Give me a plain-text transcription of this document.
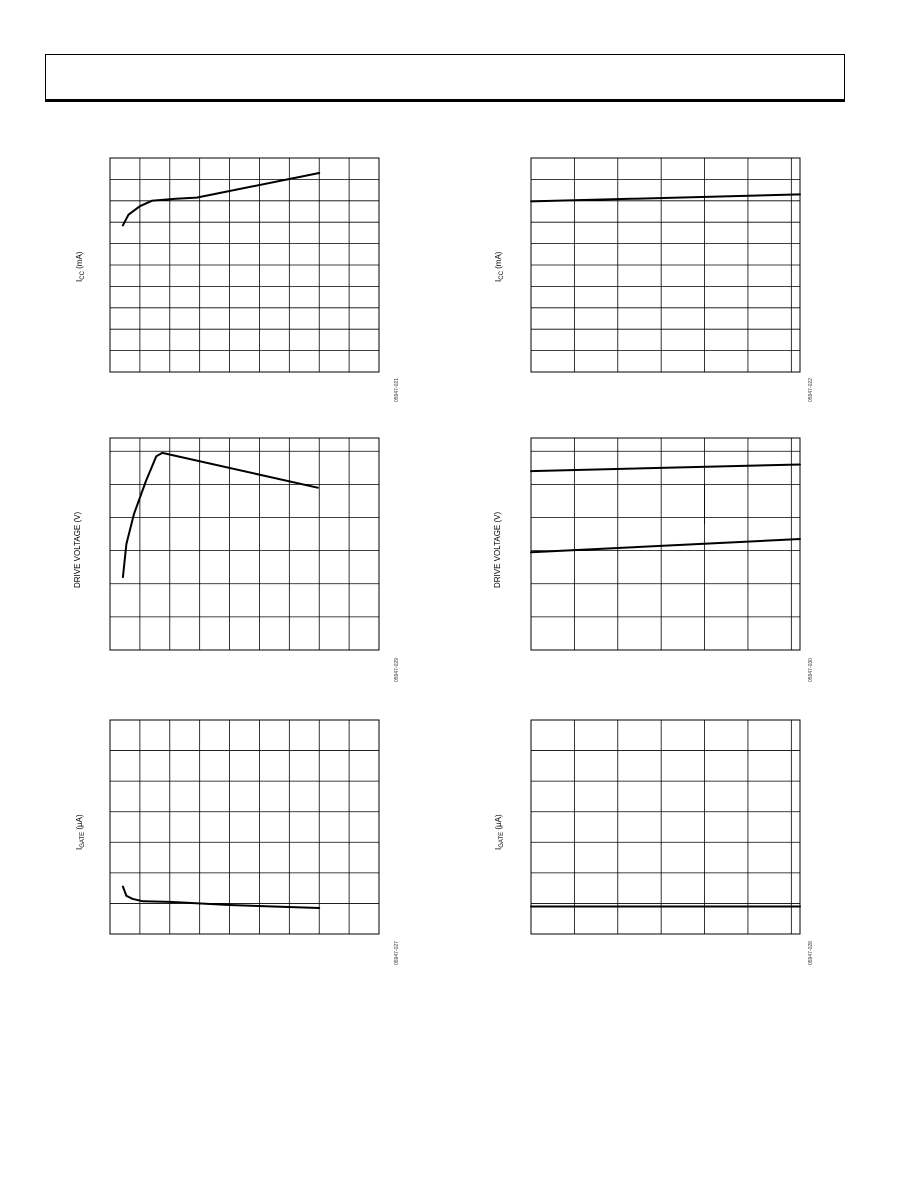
$I_{CC}$ (mA)
05947-021
$I_{CC}$ (mA)
05947-022
DRIVE VOLTAGE (V)
05947-029
DRIVE VOLTAGE (V)
05947-030
$I_{GATE}$ (µA)
05947-027
$I_{GATE}$ (µA)
05947-028
